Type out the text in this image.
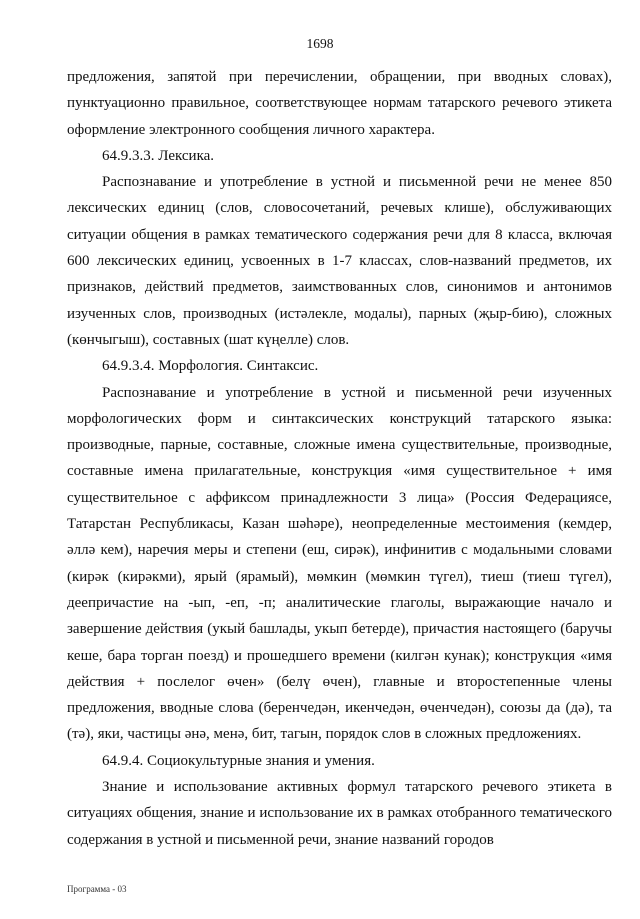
1698

предложения, запятой при перечислении, обращении, при вводных словах), пунктуационно правильное, соответствующее нормам татарского речевого этикета оформление электронного сообщения личного характера.

64.9.3.3. Лексика.

Распознавание и употребление в устной и письменной речи не менее 850 лексических единиц (слов, словосочетаний, речевых клише), обслуживающих ситуации общения в рамках тематического содержания речи для 8 класса, включая 600 лексических единиц, усвоенных в 1-7 классах, слов-названий предметов, их признаков, действий предметов, заимствованных слов, синонимов и антонимов изученных слов, производных (истәлекле, модалы), парных (җыр-бию), сложных (көнчыгыш), составных (шат күңелле) слов.

64.9.3.4. Морфология. Синтаксис.

Распознавание и употребление в устной и письменной речи изученных морфологических форм и синтаксических конструкций татарского языка: производные, парные, составные, сложные имена существительные, производные, составные имена прилагательные, конструкция «имя существительное + имя существительное с аффиксом принадлежности 3 лица» (Россия Федерациясе, Татарстан Республикасы, Казан шәһәре), неопределенные местоимения (кемдер, әллә кем), наречия меры и степени (еш, сирәк), инфинитив с модальными словами (кирәк (кирәкми), ярый (ярамый), мөмкин (мөмкин түгел), тиеш (тиеш түгел), деепричастие на -ып, -еп, -п; аналитические глаголы, выражающие начало и завершение действия (укый башлады, укып бетерде), причастия настоящего (баручы кеше, бара торган поезд) и прошедшего времени (килгән кунак); конструкция «имя действия + послелог өчен» (белү өчен), главные и второстепенные члены предложения, вводные слова (беренчедән, икенчедән, өченчедән), союзы да (дә), та (тә), яки, частицы әнә, менә, бит, тагын, порядок слов в сложных предложениях.

64.9.4. Социокультурные знания и умения.

Знание и использование активных формул татарского речевого этикета в ситуациях общения, знание и использование их в рамках отобранного тематического содержания в устной и письменной речи, знание названий городов

Программа - 03
